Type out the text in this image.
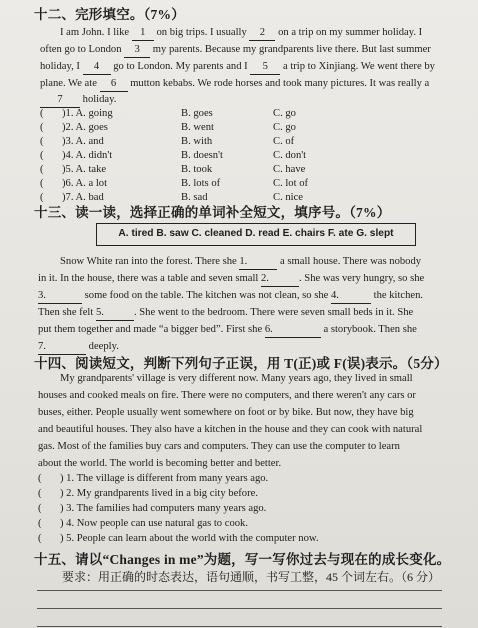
十二、完形填空。（7%）
I am John. I like 1 on big trips. I usually 2 on a trip on my summer holiday. I
often go to London 3 my parents. Because my grandparents live there. But last summer
holiday, I 4 go to London. My parents and I 5 a trip to Xinjiang. We went there by
plane. We ate 6 mutton kebabs. We rode horses and took many pictures. It was really a
7 holiday.
( )1. A. going	B. goes	C. go
( )2. A. goes	B. went	C. go
( )3. A. and	B. with	C. of
( )4. A. didn't	B. doesn't	C. don't
( )5. A. take	B. took	C. have
( )6. A. a lot	B. lots of	C. lot of
( )7. A. bad	B. sad	C. nice
十三、读一读，选择正确的单词补全短文，填序号。（7%）
A. tired B. saw C. cleaned D. read E. chairs F. ate G. slept
Snow White ran into the forest. There she 1.	a small house. There was nobody
in it. In the house, there was a table and seven small 2.	. She was very hungry, so she
3.	some food on the table. The kitchen was not clean, so she 4.	the kitchen.
Then she felt 5.	. She went to the bedroom. There were seven small beds in it. She
put them together and made “a bigger bed”. First she 6.	a storybook. Then she
7.	deeply.
十四、阅读短文，判断下列句子正误，用 T(正)或 F(误)表示。（5分）
My grandparents' village is very different now. Many years ago, they lived in small
houses and cooked meals on fire. There were no computers, and there weren't any cars or
buses, either. People usually went somewhere on foot or by bike. But now, they have big
and beautiful houses. They also have a kitchen in the house and they can cook with natural
gas. Most of the families buy cars and computers. They can use the computer to learn
about the world. The world is becoming better and better.
( ) 1. The village is different from many years ago.
( ) 2. My grandparents lived in a big city before.
( ) 3. The families had computers many years ago.
( ) 4. Now people can use natural gas to cook.
( ) 5. People can learn about the world with the computer now.
十五、请以“Changes in me”为题，写一写你过去与现在的成长变化。
要求：用正确的时态表达，语句通顺，书写工整，45 个词左右。（6 分）
